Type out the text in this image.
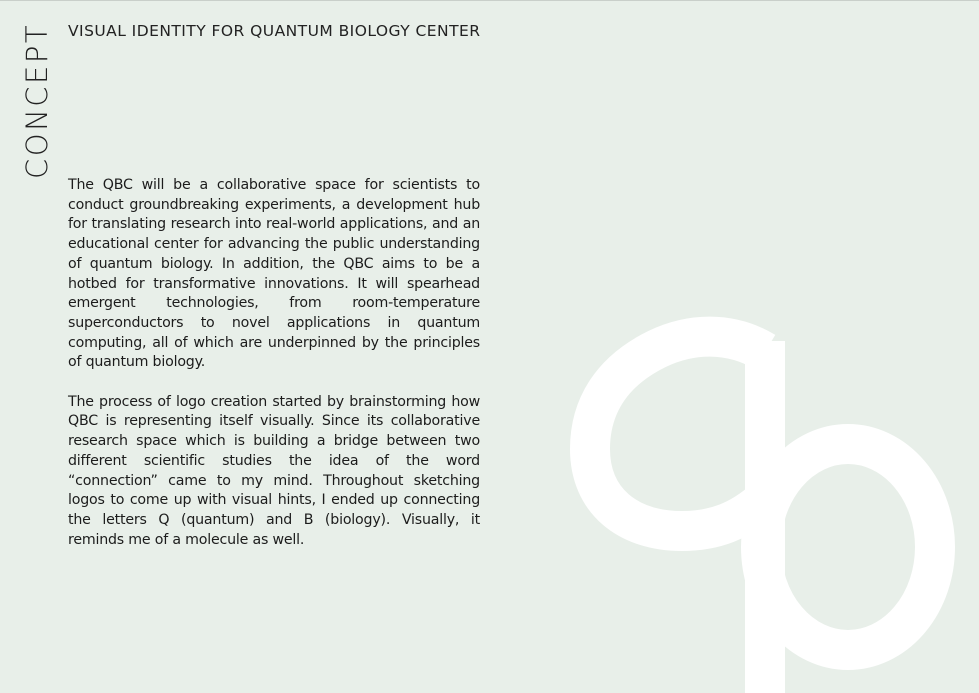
CONCEPT VISUAL IDENTITY FOR QUANTUM BIOLOGY CENTER

The QBC will be a collaborative space for scientists to conduct groundbreaking experiments, a development hub for translating research into real-world applications, and an educational center for advancing the public understanding of quantum biology. In addition, the QBC aims to be a hotbed for transformative innovations. It will spearhead emergent technologies, from room-temperature superconductors to novel applications in quantum computing, all of which are underpinned by the principles of quantum biology.

The process of logo creation started by brainstorming how QBC is representing itself visually. Since its collaborative research space which is building a bridge between two different scientific studies the idea of the word “connection” came to my mind. Throughout sketching logos to come up with visual hints, I ended up connecting the letters Q (quantum) and B (biology). Visually, it reminds me of a molecule as well.
